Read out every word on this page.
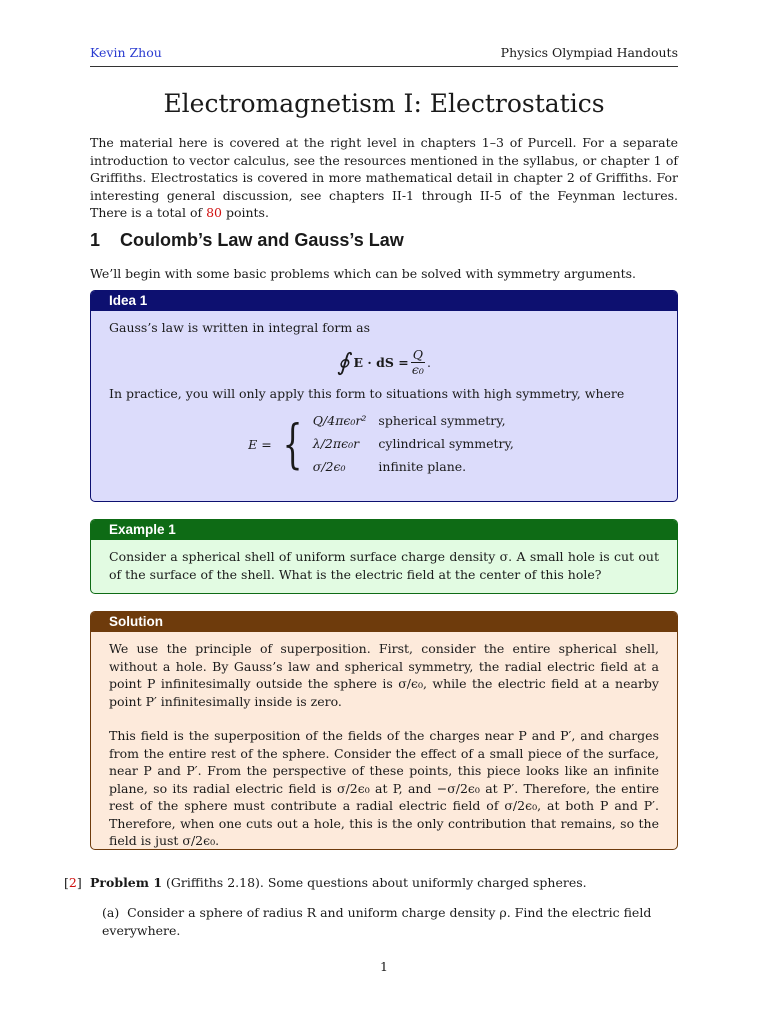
Kevin Zhou	Physics Olympiad Handouts
Electromagnetism I: Electrostatics

The material here is covered at the right level in chapters 1–3 of Purcell. For a separate introduction to vector calculus, see the resources mentioned in the syllabus, or chapter 1 of Griffiths. Electrostatics is covered in more mathematical detail in chapter 2 of Griffiths. For interesting general discussion, see chapters II-1 through II-5 of the Feynman lectures. There is a total of 80 points.

1 Coulomb’s Law and Gauss’s Law

We’ll begin with some basic problems which can be solved with symmetry arguments.

Idea 1
Gauss’s law is written in integral form as
∮ E · dS = $\frac{Q}{\text{ϵ₀}}$ .
In practice, you will only apply this form to situations with high symmetry, where
E = { Q/4πϵ₀r²	spherical symmetry,
λ/2πϵ₀r	cylindrical symmetry,
σ/2ϵ₀	infinite plane.
Example 1
Consider a spherical shell of uniform surface charge density σ. A small hole is cut out of the surface of the shell. What is the electric field at the center of this hole?
Solution
We use the principle of superposition. First, consider the entire spherical shell, without a hole. By Gauss’s law and spherical symmetry, the radial electric field at a point P infinitesimally outside the sphere is σ/ϵ₀, while the electric field at a nearby point P′ infinitesimally inside is zero.
This field is the superposition of the fields of the charges near P and P′, and charges from the entire rest of the sphere. Consider the effect of a small piece of the surface, near P and P′. From the perspective of these points, this piece looks like an infinite plane, so its radial electric field is σ/2ϵ₀ at P, and −σ/2ϵ₀ at P′. Therefore, the entire rest of the sphere must contribute a radial electric field of σ/2ϵ₀, at both P and P′. Therefore, when one cuts out a hole, this is the only contribution that remains, so the field is just σ/2ϵ₀.

[2] Problem 1 (Griffiths 2.18). Some questions about uniformly charged spheres.

(a) Consider a sphere of radius R and uniform charge density ρ. Find the electric field everywhere.

1
